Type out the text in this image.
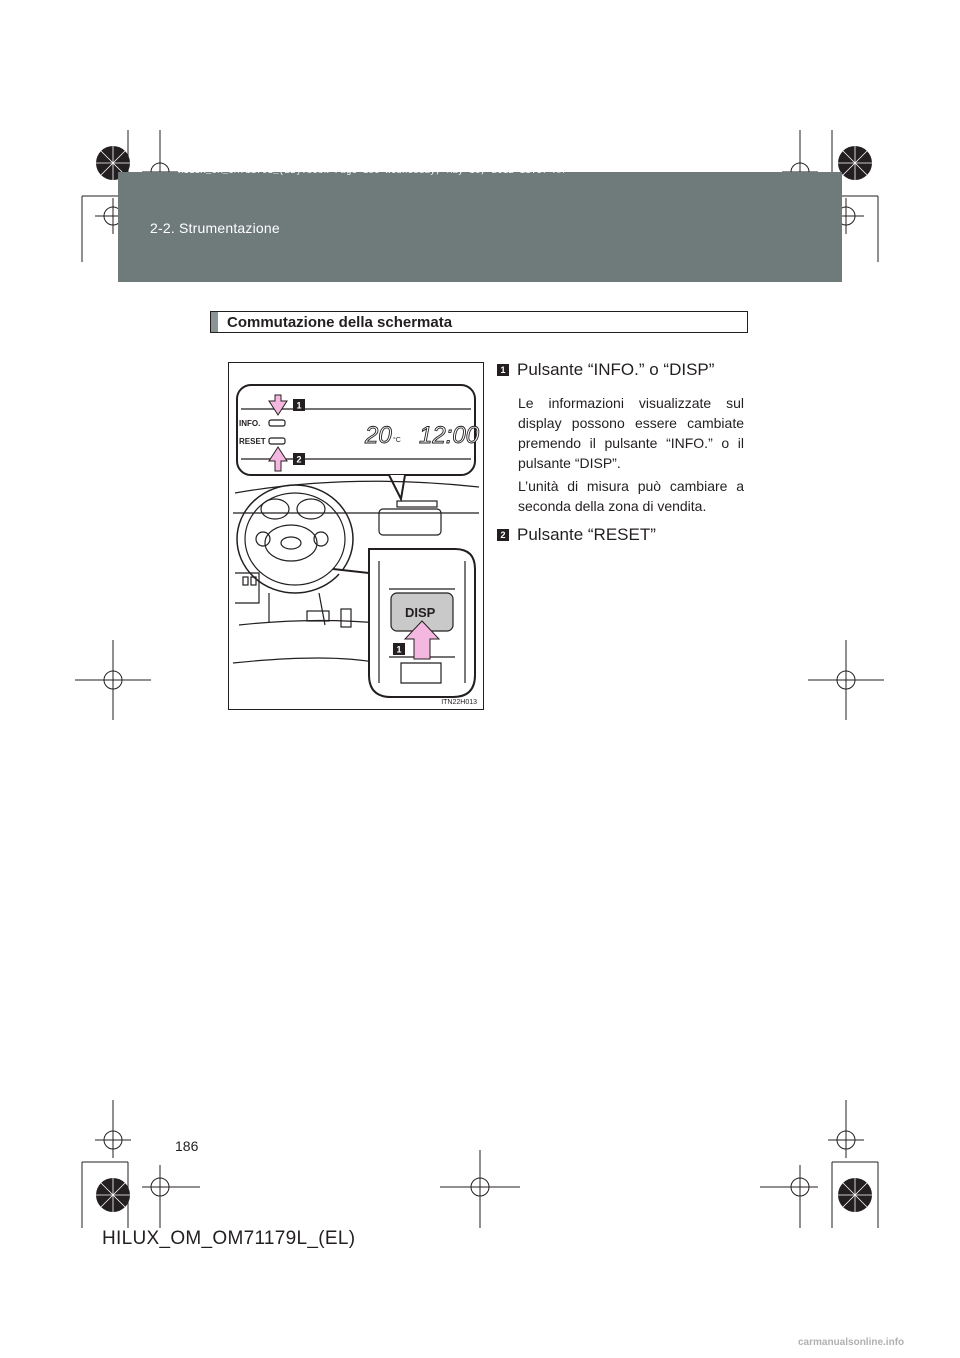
HILUX_OM_OM71179L_(EL).book Page 186 Wednesday, May 16, 2012 11:37 AM
2-2. Strumentazione
Commutazione della schermata
INFO.
RESET	20 °C 12:00
DISP
1
2
1
ITN22H013
1 Pulsante “INFO.” o “DISP”
Le informazioni visualizzate sul display possono essere cambiate premendo il pulsante “INFO.” o il pulsante “DISP”.
L’unità di misura può cambiare a seconda della zona di vendita.
2 Pulsante “RESET”
186
HILUX_OM_OM71179L_(EL)
carmanualsonline.info
